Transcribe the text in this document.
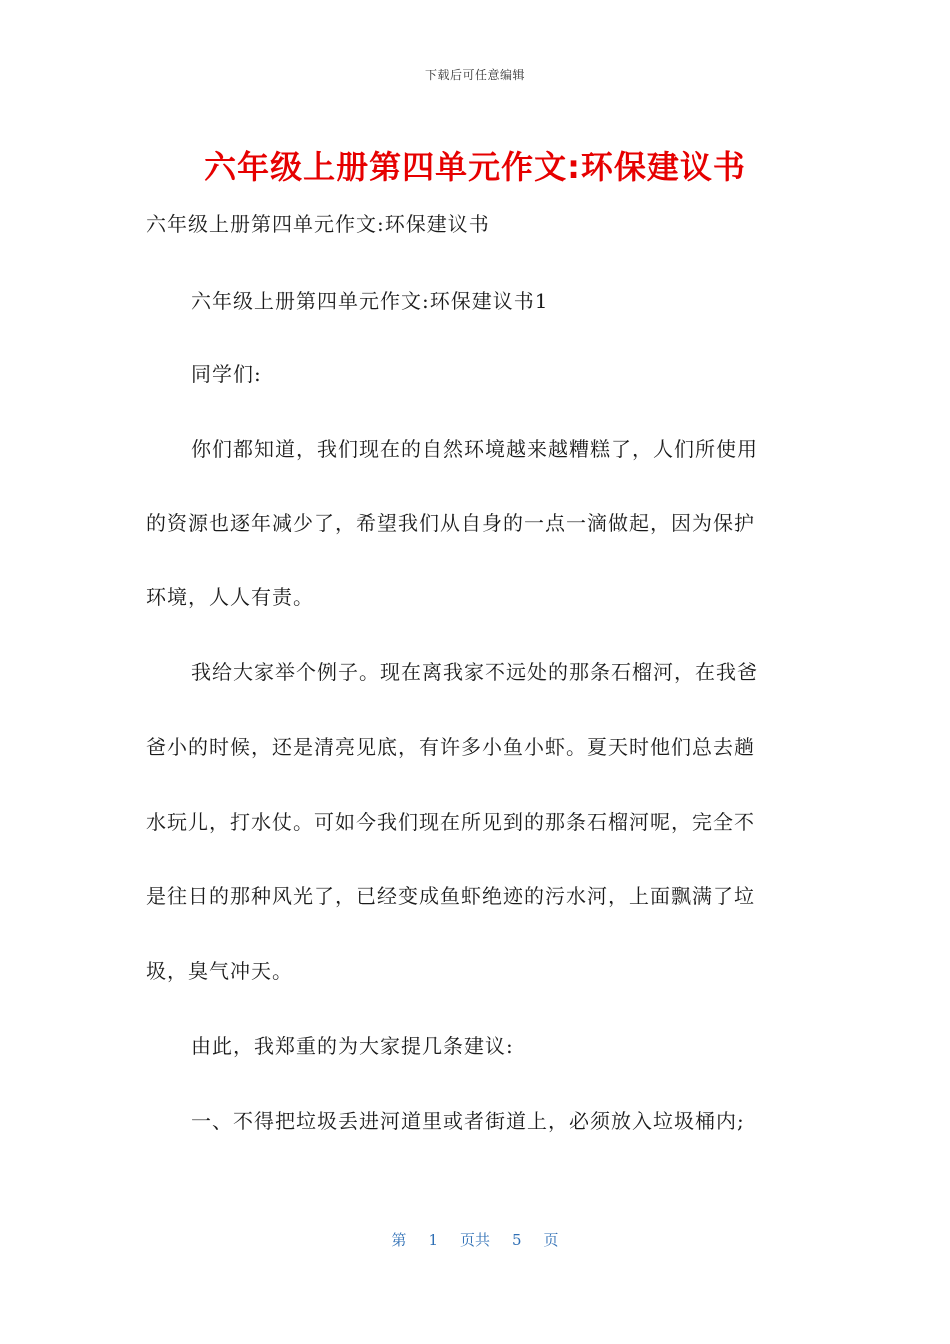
下载后可任意编辑
六年级上册第四单元作文:环保建议书
六年级上册第四单元作文:环保建议书
六年级上册第四单元作文:环保建议书1
同学们:
你们都知道，我们现在的自然环境越来越糟糕了，人们所使用
的资源也逐年减少了，希望我们从自身的一点一滴做起，因为保护
环境，人人有责。
我给大家举个例子。现在离我家不远处的那条石榴河，在我爸
爸小的时候，还是清亮见底，有许多小鱼小虾。夏天时他们总去趟
水玩儿，打水仗。可如今我们现在所见到的那条石榴河呢，完全不
是往日的那种风光了，已经变成鱼虾绝迹的污水河，上面飘满了垃
圾，臭气冲天。
由此，我郑重的为大家提几条建议:
一、不得把垃圾丢进河道里或者街道上，必须放入垃圾桶内;
第 1 页共 5 页
